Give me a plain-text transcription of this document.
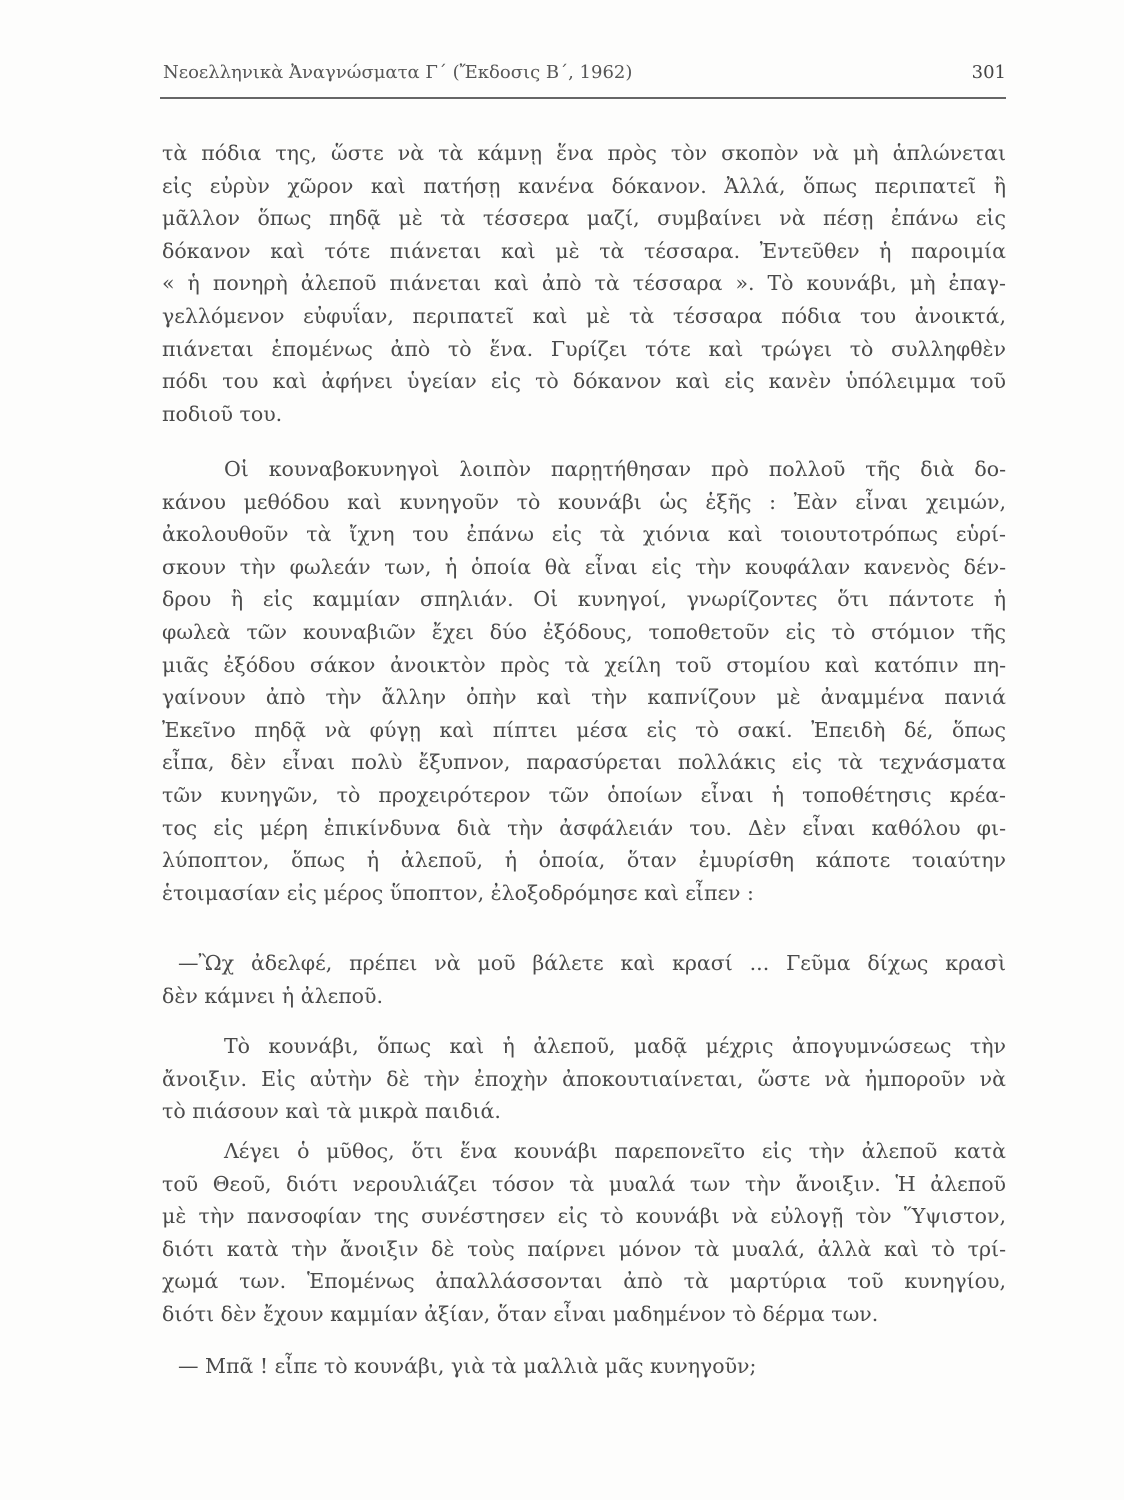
Νεοελληνικὰ Ἀναγνώσματα Γ΄ (Ἔκδοσις Β΄, 1962)	301
τὰ πόδια της, ὥστε νὰ τὰ κάμνῃ ἕνα πρὸς τὸν σκοπὸν νὰ μὴ ἁπλώνεται
εἰς εὐρὺν χῶρον καὶ πατήσῃ κανένα δόκανον. Ἀλλά, ὅπως περιπατεῖ ἢ
μᾶλλον ὅπως πηδᾷ μὲ τὰ τέσσερα μαζί, συμβαίνει νὰ πέσῃ ἐπάνω εἰς
δόκανον καὶ τότε πιάνεται καὶ μὲ τὰ τέσσαρα. Ἐντεῦθεν ἡ παροιμία
« ἡ πονηρὴ ἀλεποῦ πιάνεται καὶ ἀπὸ τὰ τέσσαρα ». Τὸ κουνάβι, μὴ ἐπαγ-
γελλόμενον εὐφυΐαν, περιπατεῖ καὶ μὲ τὰ τέσσαρα πόδια του ἀνοικτά,
πιάνεται ἑπομένως ἀπὸ τὸ ἕνα. Γυρίζει τότε καὶ τρώγει τὸ συλληφθὲν
πόδι του καὶ ἀφήνει ὑγείαν εἰς τὸ δόκανον καὶ εἰς κανὲν ὑπόλειμμα τοῦ
ποδιοῦ του.
Οἱ κουναβοκυνηγοὶ λοιπὸν παρῃτήθησαν πρὸ πολλοῦ τῆς διὰ δο-
κάνου μεθόδου καὶ κυνηγοῦν τὸ κουνάβι ὡς ἑξῆς : Ἐὰν εἶναι χειμών,
ἀκολουθοῦν τὰ ἴχνη του ἐπάνω εἰς τὰ χιόνια καὶ τοιουτοτρόπως εὑρί-
σκουν τὴν φωλεάν των, ἡ ὁποία θὰ εἶναι εἰς τὴν κουφάλαν κανενὸς δέν-
δρου ἢ εἰς καμμίαν σπηλιάν. Οἱ κυνηγοί, γνωρίζοντες ὅτι πάντοτε ἡ
φωλεὰ τῶν κουναβιῶν ἔχει δύο ἐξόδους, τοποθετοῦν εἰς τὸ στόμιον τῆς
μιᾶς ἐξόδου σάκον ἀνοικτὸν πρὸς τὰ χείλη τοῦ στομίου καὶ κατόπιν πη-
γαίνουν ἀπὸ τὴν ἄλλην ὀπὴν καὶ τὴν καπνίζουν μὲ ἀναμμένα πανιά
Ἐκεῖνο πηδᾷ νὰ φύγῃ καὶ πίπτει μέσα εἰς τὸ σακί. Ἐπειδὴ δέ, ὅπως
εἶπα, δὲν εἶναι πολὺ ἔξυπνον, παρασύρεται πολλάκις εἰς τὰ τεχνάσματα
τῶν κυνηγῶν, τὸ προχειρότερον τῶν ὁποίων εἶναι ἡ τοποθέτησις κρέα-
τος εἰς μέρη ἐπικίνδυνα διὰ τὴν ἀσφάλειάν του. Δὲν εἶναι καθόλου φι-
λύποπτον, ὅπως ἡ ἀλεποῦ, ἡ ὁποία, ὅταν ἐμυρίσθη κάποτε τοιαύτην
ἑτοιμασίαν εἰς μέρος ὕποπτον, ἐλοξοδρόμησε καὶ εἶπεν :
—Ὢχ ἀδελφέ, πρέπει νὰ μοῦ βάλετε καὶ κρασί ... Γεῦμα δίχως κρασὶ
δὲν κάμνει ἡ ἀλεποῦ.
Τὸ κουνάβι, ὅπως καὶ ἡ ἀλεποῦ, μαδᾷ μέχρις ἀπογυμνώσεως τὴν
ἄνοιξιν. Εἰς αὐτὴν δὲ τὴν ἐποχὴν ἀποκουτιαίνεται, ὥστε νὰ ἠμποροῦν νὰ
τὸ πιάσουν καὶ τὰ μικρὰ παιδιά.
Λέγει ὁ μῦθος, ὅτι ἕνα κουνάβι παρεπονεῖτο εἰς τὴν ἀλεποῦ κατὰ
τοῦ Θεοῦ, διότι νερουλιάζει τόσον τὰ μυαλά των τὴν ἄνοιξιν. Ἡ ἀλεποῦ
μὲ τὴν πανσοφίαν της συνέστησεν εἰς τὸ κουνάβι νὰ εὐλογῇ τὸν Ὕψιστον,
διότι κατὰ τὴν ἄνοιξιν δὲ τοὺς παίρνει μόνον τὰ μυαλά, ἀλλὰ καὶ τὸ τρί-
χωμά των. Ἑπομένως ἀπαλλάσσονται ἀπὸ τὰ μαρτύρια τοῦ κυνηγίου,
διότι δὲν ἔχουν καμμίαν ἀξίαν, ὅταν εἶναι μαδημένον τὸ δέρμα των.
— Μπᾶ ! εἶπε τὸ κουνάβι, γιὰ τὰ μαλλιὰ μᾶς κυνηγοῦν;
